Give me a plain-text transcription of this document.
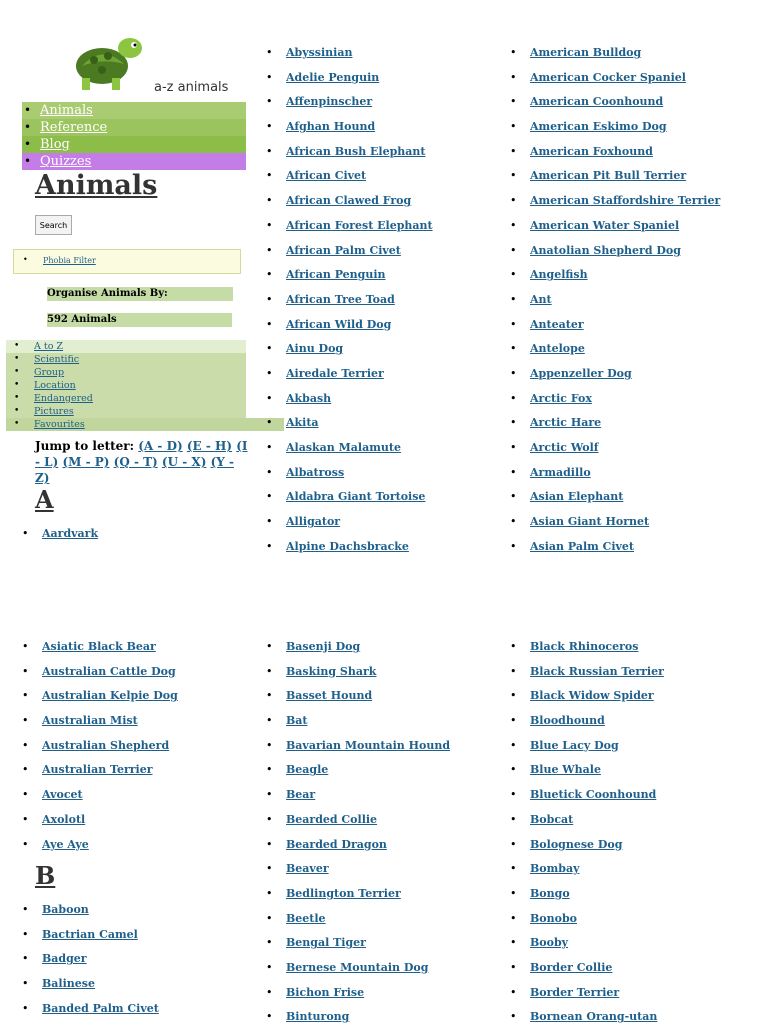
a-z animals
• Animals
• Reference
• Blog
• Quizzes
Animals
Search
• Phobia Filter
Organise Animals By:
592 Animals
• A to Z
• Scientific
• Group
• Location
• Endangered
• Pictures
• Favourites
Jump to letter: (A - D) (E - H) (I - L) (M - P) (Q - T) (U - X) (Y - Z)
A
B
• Aardvark
• Abyssinian
• Adelie Penguin
• Affenpinscher
• Afghan Hound
• African Bush Elephant
• African Civet
• African Clawed Frog
• African Forest Elephant
• African Palm Civet
• African Penguin
• African Tree Toad
• African Wild Dog
• Ainu Dog
• Airedale Terrier
• Akbash
• Akita
• Alaskan Malamute
• Albatross
• Aldabra Giant Tortoise
• Alligator
• Alpine Dachsbracke
• American Bulldog
• American Cocker Spaniel
• American Coonhound
• American Eskimo Dog
• American Foxhound
• American Pit Bull Terrier
• American Staffordshire Terrier
• American Water Spaniel
• Anatolian Shepherd Dog
• Angelfish
• Ant
• Anteater
• Antelope
• Appenzeller Dog
• Arctic Fox
• Arctic Hare
• Arctic Wolf
• Armadillo
• Asian Elephant
• Asian Giant Hornet
• Asian Palm Civet
• Asiatic Black Bear
• Australian Cattle Dog
• Australian Kelpie Dog
• Australian Mist
• Australian Shepherd
• Australian Terrier
• Avocet
• Axolotl
• Aye Aye
• Baboon
• Bactrian Camel
• Badger
• Balinese
• Banded Palm Civet
• Basenji Dog
• Basking Shark
• Basset Hound
• Bat
• Bavarian Mountain Hound
• Beagle
• Bear
• Bearded Collie
• Bearded Dragon
• Beaver
• Bedlington Terrier
• Beetle
• Bengal Tiger
• Bernese Mountain Dog
• Bichon Frise
• Binturong
• Black Rhinoceros
• Black Russian Terrier
• Black Widow Spider
• Bloodhound
• Blue Lacy Dog
• Blue Whale
• Bluetick Coonhound
• Bobcat
• Bolognese Dog
• Bombay
• Bongo
• Bonobo
• Booby
• Border Collie
• Border Terrier
• Bornean Orang-utan
